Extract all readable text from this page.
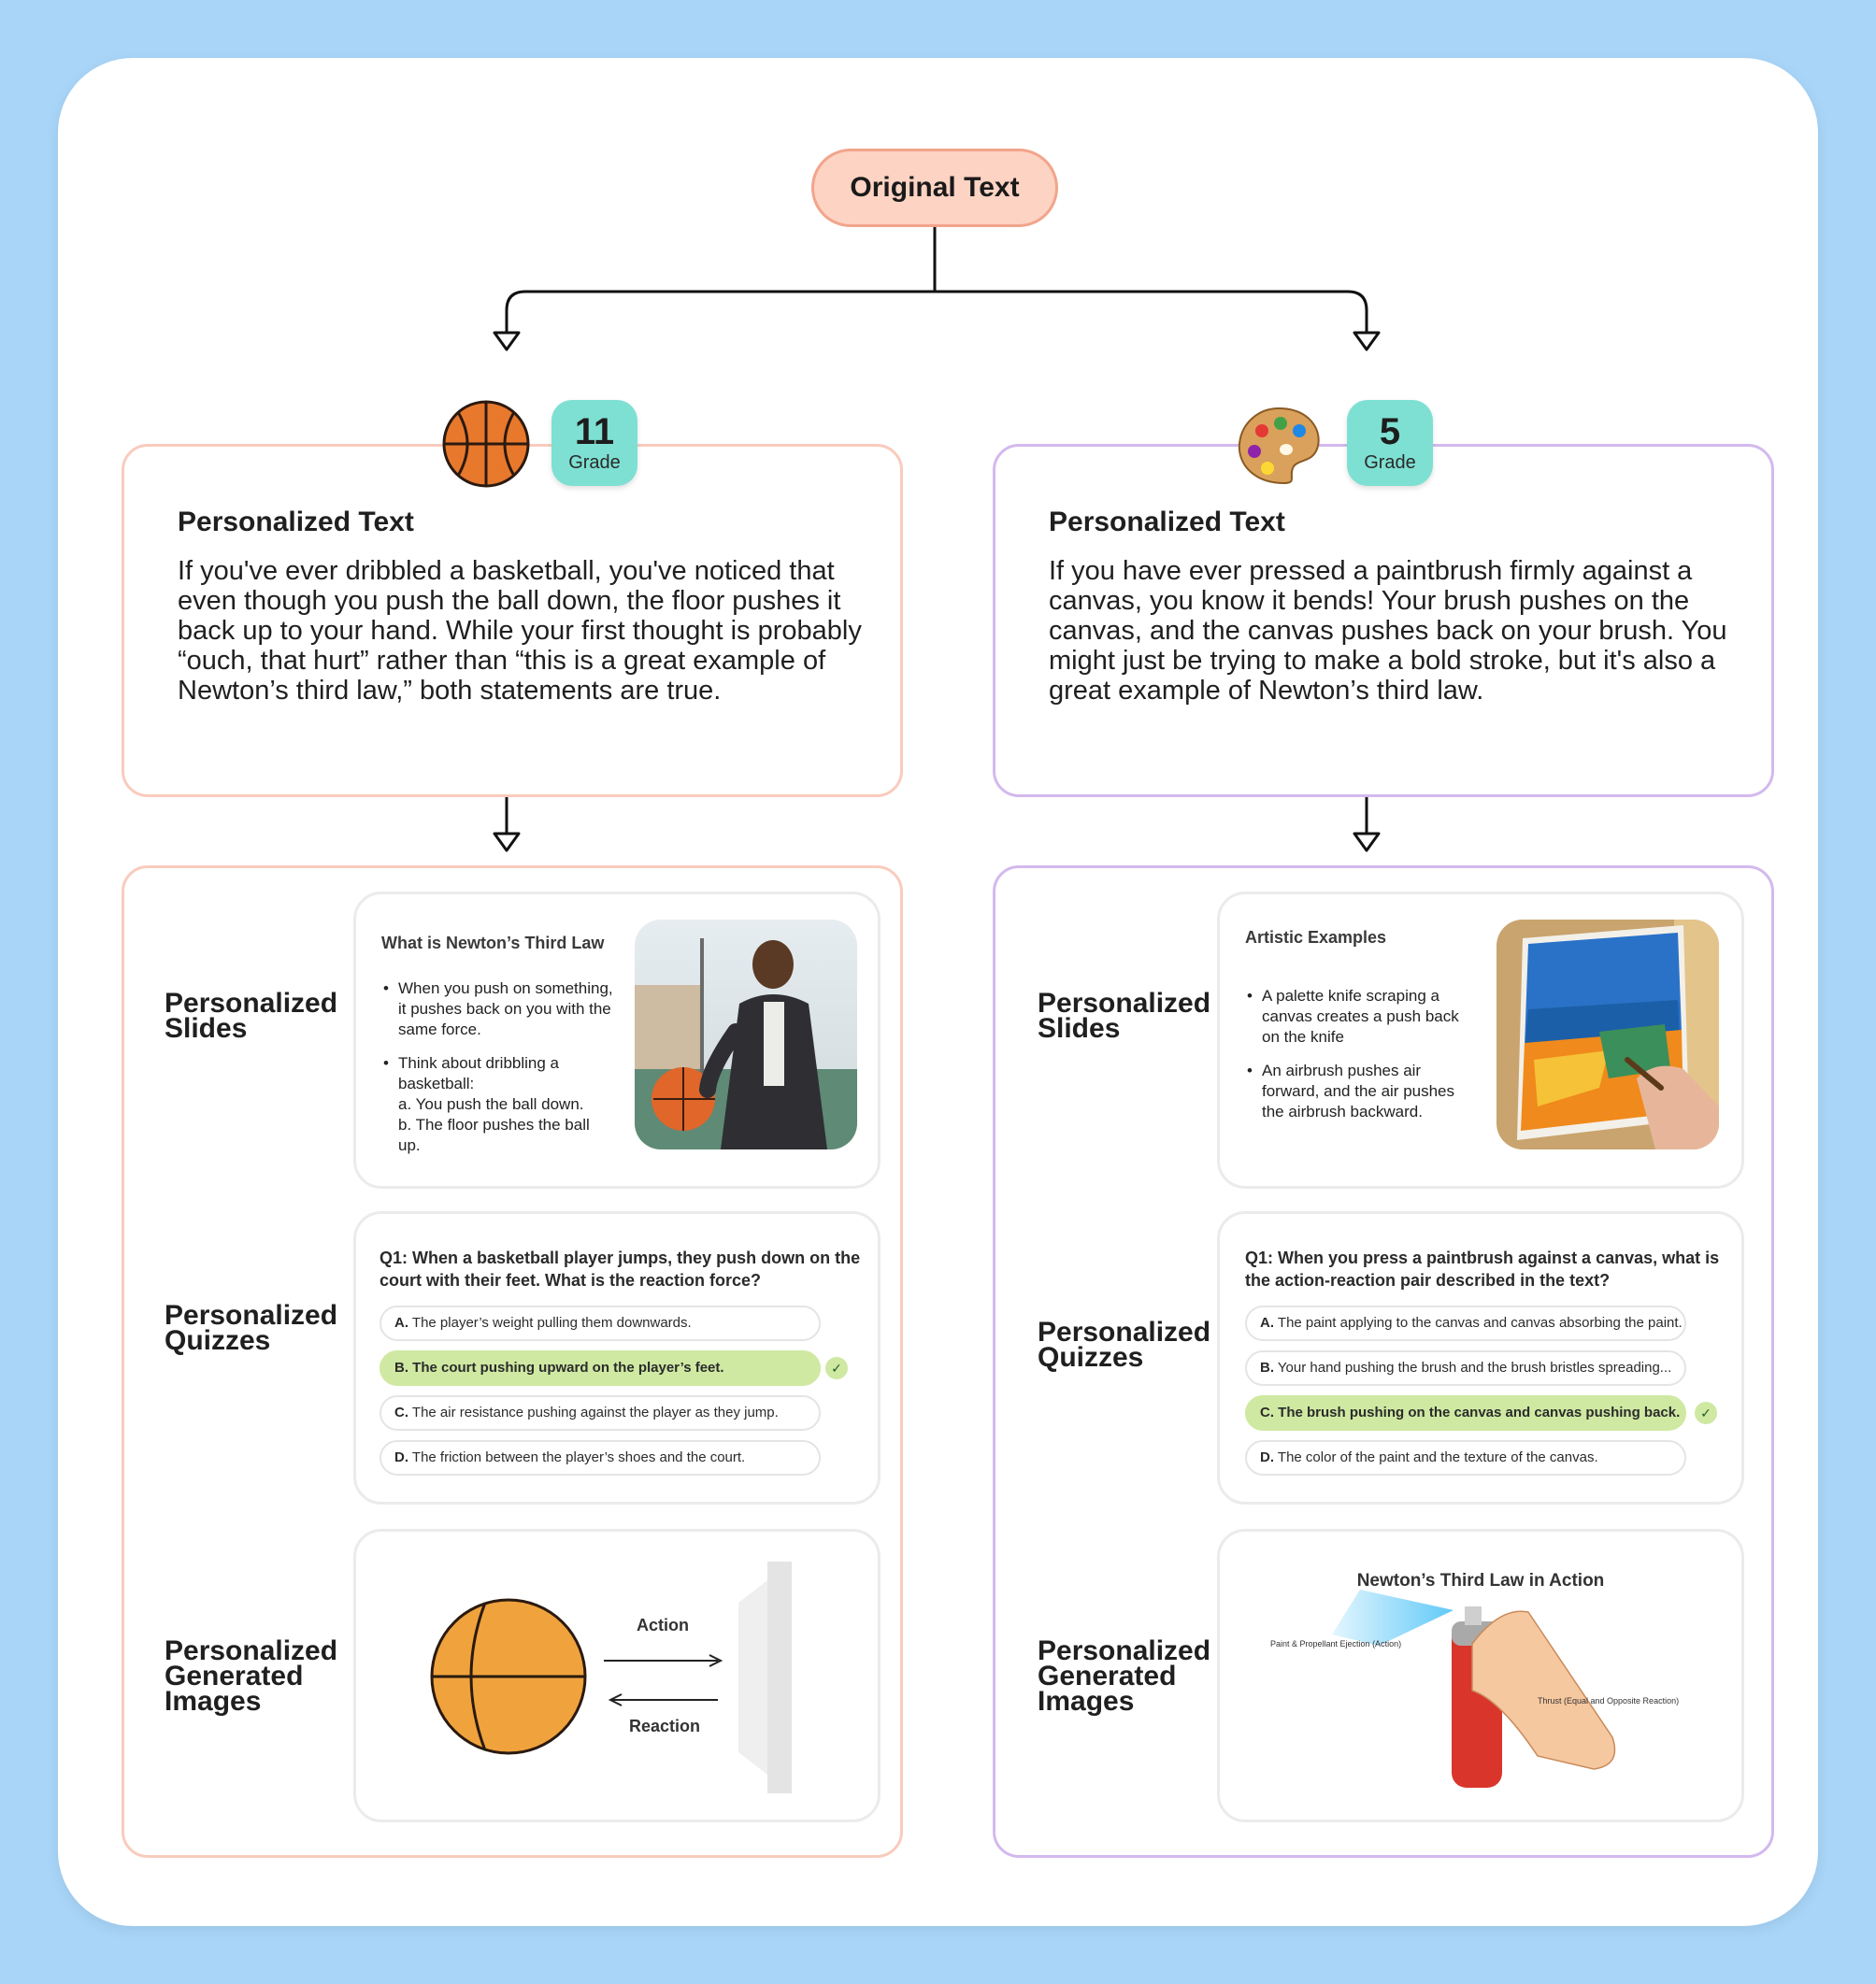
Original Text
Personalized Text
If you've ever dribbled a basketball, you've noticed that even though you push the ball down, the floor pushes it back up to your hand. While your first thought is probably “ouch, that hurt” rather than “this is a great example of Newton’s third law,” both statements are true.
11
Grade
Personalized Slides
Personalized Quizzes
Personalized Generated Images
What is Newton’s Third Law
• When you push on something, it pushes back on you with the same force.
• Think about dribbling a basketball:
a. You push the ball down.
b. The floor pushes the ball up.
Q1: When a basketball player jumps, they push down on the court with their feet. What is the reaction force?
A. The player’s weight pulling them downwards.
B. The court pushing upward on the player’s feet.	✓
C. The air resistance pushing against the player as they jump.
D. The friction between the player’s shoes and the court.
Action
Reaction
Personalized Text
If you have ever pressed a paintbrush firmly against a canvas, you know it bends! Your brush pushes on the canvas, and the canvas pushes back on your brush. You might just be trying to make a bold stroke, but it's also a great example of Newton’s third law.
5
Grade
Personalized Slides
Personalized Quizzes
Personalized Generated Images
Artistic Examples
• A palette knife scraping a canvas creates a push back on the knife
• An airbrush pushes air forward, and the air pushes the airbrush backward.
Q1: When you press a paintbrush against a canvas, what is the action-reaction pair described in the text?
A. The paint applying to the canvas and canvas absorbing the paint.
B. Your hand pushing the brush and the brush bristles spreading...
C. The brush pushing on the canvas and canvas pushing back.	✓
D. The color of the paint and the texture of the canvas.
Newton’s Third Law in Action
Paint & Propellant Ejection (Action)
Thrust (Equal and Opposite Reaction)
